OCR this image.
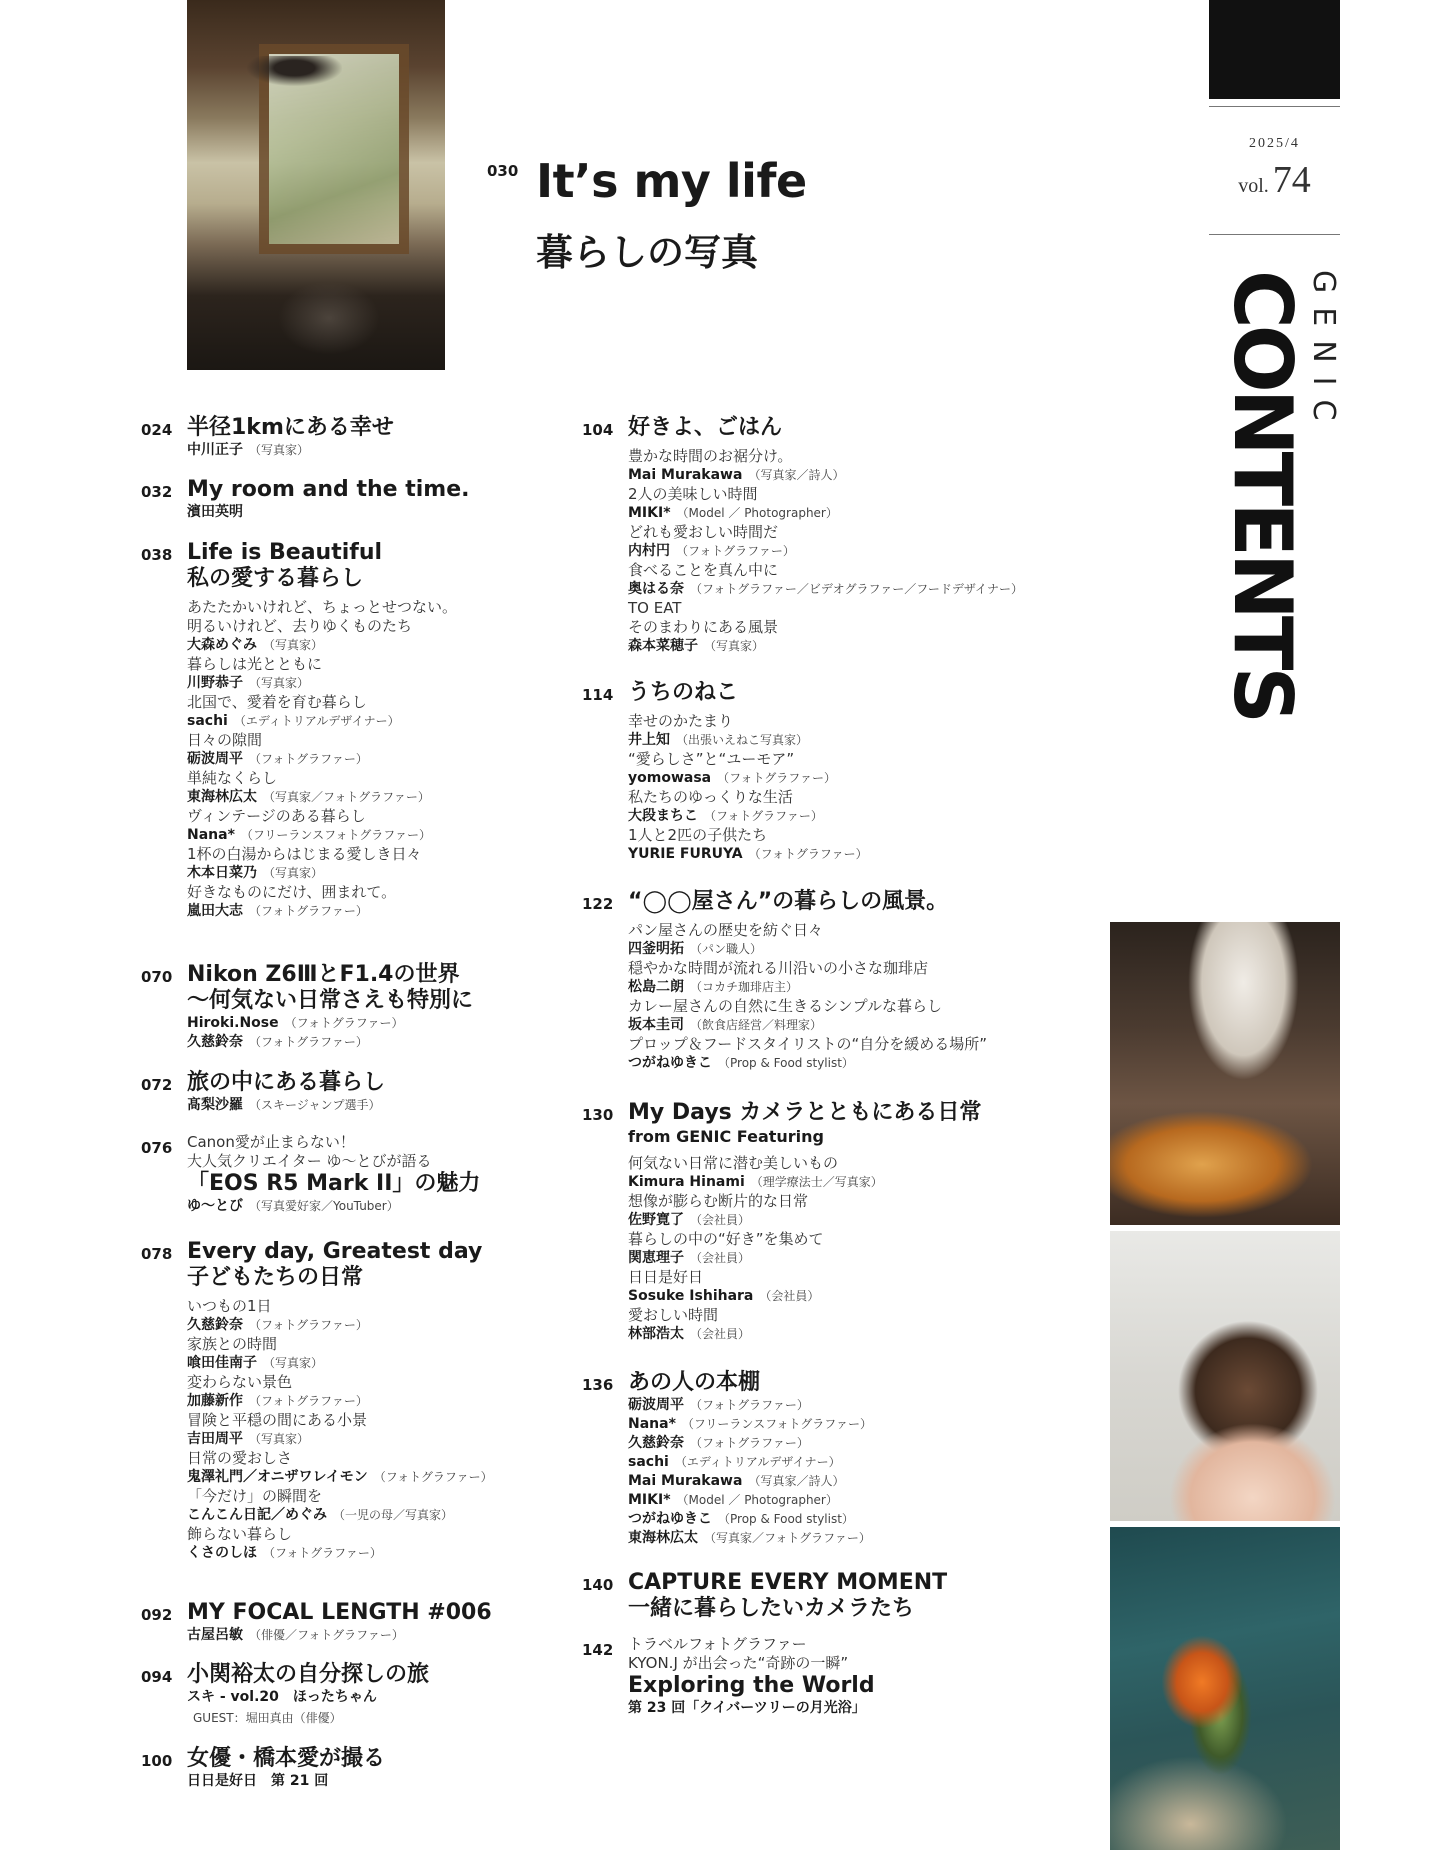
2025/4
vol. 74
GENIC
CONTENTS
030 It’s my life
暮らしの写真
024 半径1kmにある幸せ
中川正子 （写真家）
032 My room and the time.
濱田英明
038 Life is Beautiful
私の愛する暮らし
あたたかいけれど、ちょっとせつない。
明るいけれど、去りゆくものたち
大森めぐみ （写真家）
暮らしは光とともに
川野恭子 （写真家）
北国で、愛着を育む暮らし
sachi （エディトリアルデザイナー）
日々の隙間
砺波周平 （フォトグラファー）
単純なくらし
東海林広太 （写真家／フォトグラファー）
ヴィンテージのある暮らし
Nana* （フリーランスフォトグラファー）
1杯の白湯からはじまる愛しき日々
木本日菜乃 （写真家）
好きなものにだけ、囲まれて。
嵐田大志 （フォトグラファー）
070 Nikon Z6ⅢとF1.4の世界
〜何気ない日常さえも特別に
Hiroki.Nose （フォトグラファー）
久慈鈴奈 （フォトグラファー）
072 旅の中にある暮らし
髙梨沙羅 （スキージャンプ選手）
076 Canon愛が止まらない！
大人気クリエイター ゆ〜とびが語る
「EOS R5 Mark II」の魅力
ゆ〜とび （写真愛好家／YouTuber）
078 Every day, Greatest day
子どもたちの日常
いつもの1日
久慈鈴奈 （フォトグラファー）
家族との時間
喰田佳南子 （写真家）
変わらない景色
加藤新作 （フォトグラファー）
冒険と平穏の間にある小景
吉田周平 （写真家）
日常の愛おしさ
鬼澤礼門／オニザワレイモン （フォトグラファー）
「今だけ」の瞬間を
こんこん日記／めぐみ （一児の母／写真家）
飾らない暮らし
くさのしほ （フォトグラファー）
092 MY FOCAL LENGTH #006
古屋呂敏 （俳優／フォトグラファー）
094 小関裕太の自分探しの旅
スキ - vol.20　ほったちゃん
GUEST：堀田真由（俳優）
100 女優・橋本愛が撮る
日日是好日　第 21 回
104 好きよ、ごはん
豊かな時間のお裾分け。
Mai Murakawa （写真家／詩人）
2人の美味しい時間
MIKI* （Model ／ Photographer）
どれも愛おしい時間だ
内村円 （フォトグラファー）
食べることを真ん中に
奥はる奈 （フォトグラファー／ビデオグラファー／フードデザイナー）
TO EAT
そのまわりにある風景
森本菜穂子 （写真家）
114 うちのねこ
幸せのかたまり
井上知 （出張いえねこ写真家）
“愛らしさ”と“ユーモア”
yomowasa （フォトグラファー）
私たちのゆっくりな生活
大段まちこ （フォトグラファー）
1人と2匹の子供たち
YURIE FURUYA （フォトグラファー）
122 “◯◯屋さん”の暮らしの風景。
パン屋さんの歴史を紡ぐ日々
四釜明拓 （パン職人）
穏やかな時間が流れる川沿いの小さな珈琲店
松島二朗 （コカチ珈琲店主）
カレー屋さんの自然に生きるシンプルな暮らし
坂本圭司 （飲食店経営／料理家）
プロップ＆フードスタイリストの“自分を緩める場所”
つがねゆきこ （Prop & Food stylist）
130 My Days カメラとともにある日常
from GENIC Featuring
何気ない日常に潜む美しいもの
Kimura Hinami （理学療法士／写真家）
想像が膨らむ断片的な日常
佐野寛了 （会社員）
暮らしの中の“好き”を集めて
関恵理子 （会社員）
日日是好日
Sosuke Ishihara （会社員）
愛おしい時間
林部浩太 （会社員）
136 あの人の本棚
砺波周平 （フォトグラファー）
Nana* （フリーランスフォトグラファー）
久慈鈴奈 （フォトグラファー）
sachi （エディトリアルデザイナー）
Mai Murakawa （写真家／詩人）
MIKI* （Model ／ Photographer）
つがねゆきこ （Prop & Food stylist）
東海林広太 （写真家／フォトグラファー）
140 CAPTURE EVERY MOMENT
一緒に暮らしたいカメラたち
142 トラベルフォトグラファー
KYON.J が出会った“奇跡の一瞬”
Exploring the World
第 23 回「クイバーツリーの月光浴」
